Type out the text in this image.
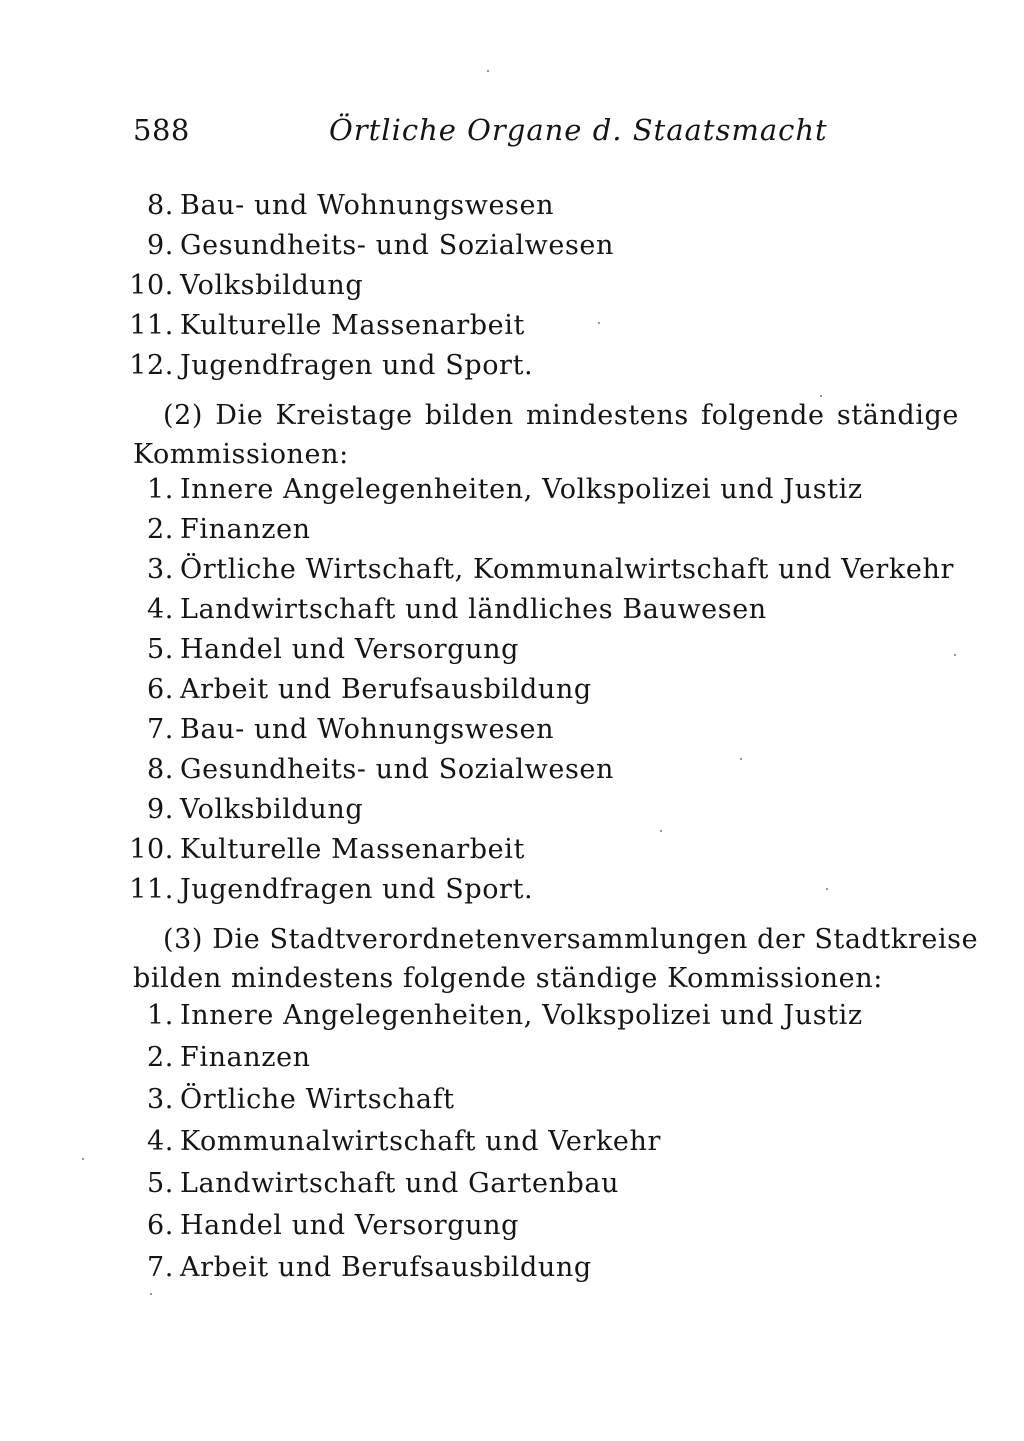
588	Örtliche Organe d. Staatsmacht
8. Bau- und Wohnungswesen
9. Gesundheits- und Sozialwesen
10. Volksbildung
11. Kulturelle Massenarbeit
12. Jugendfragen und Sport.
(2) Die Kreistage bilden mindestens folgende ständige
Kommissionen:
1. Innere Angelegenheiten, Volkspolizei und Justiz
2. Finanzen
3. Örtliche Wirtschaft, Kommunalwirtschaft und Verkehr
4. Landwirtschaft und ländliches Bauwesen
5. Handel und Versorgung
6. Arbeit und Berufsausbildung
7. Bau- und Wohnungswesen
8. Gesundheits- und Sozialwesen
9. Volksbildung
10. Kulturelle Massenarbeit
11. Jugendfragen und Sport.
(3) Die Stadtverordnetenversammlungen der Stadtkreise
bilden mindestens folgende ständige Kommissionen:
1. Innere Angelegenheiten, Volkspolizei und Justiz
2. Finanzen
3. Örtliche Wirtschaft
4. Kommunalwirtschaft und Verkehr
5. Landwirtschaft und Gartenbau
6. Handel und Versorgung
7. Arbeit und Berufsausbildung
